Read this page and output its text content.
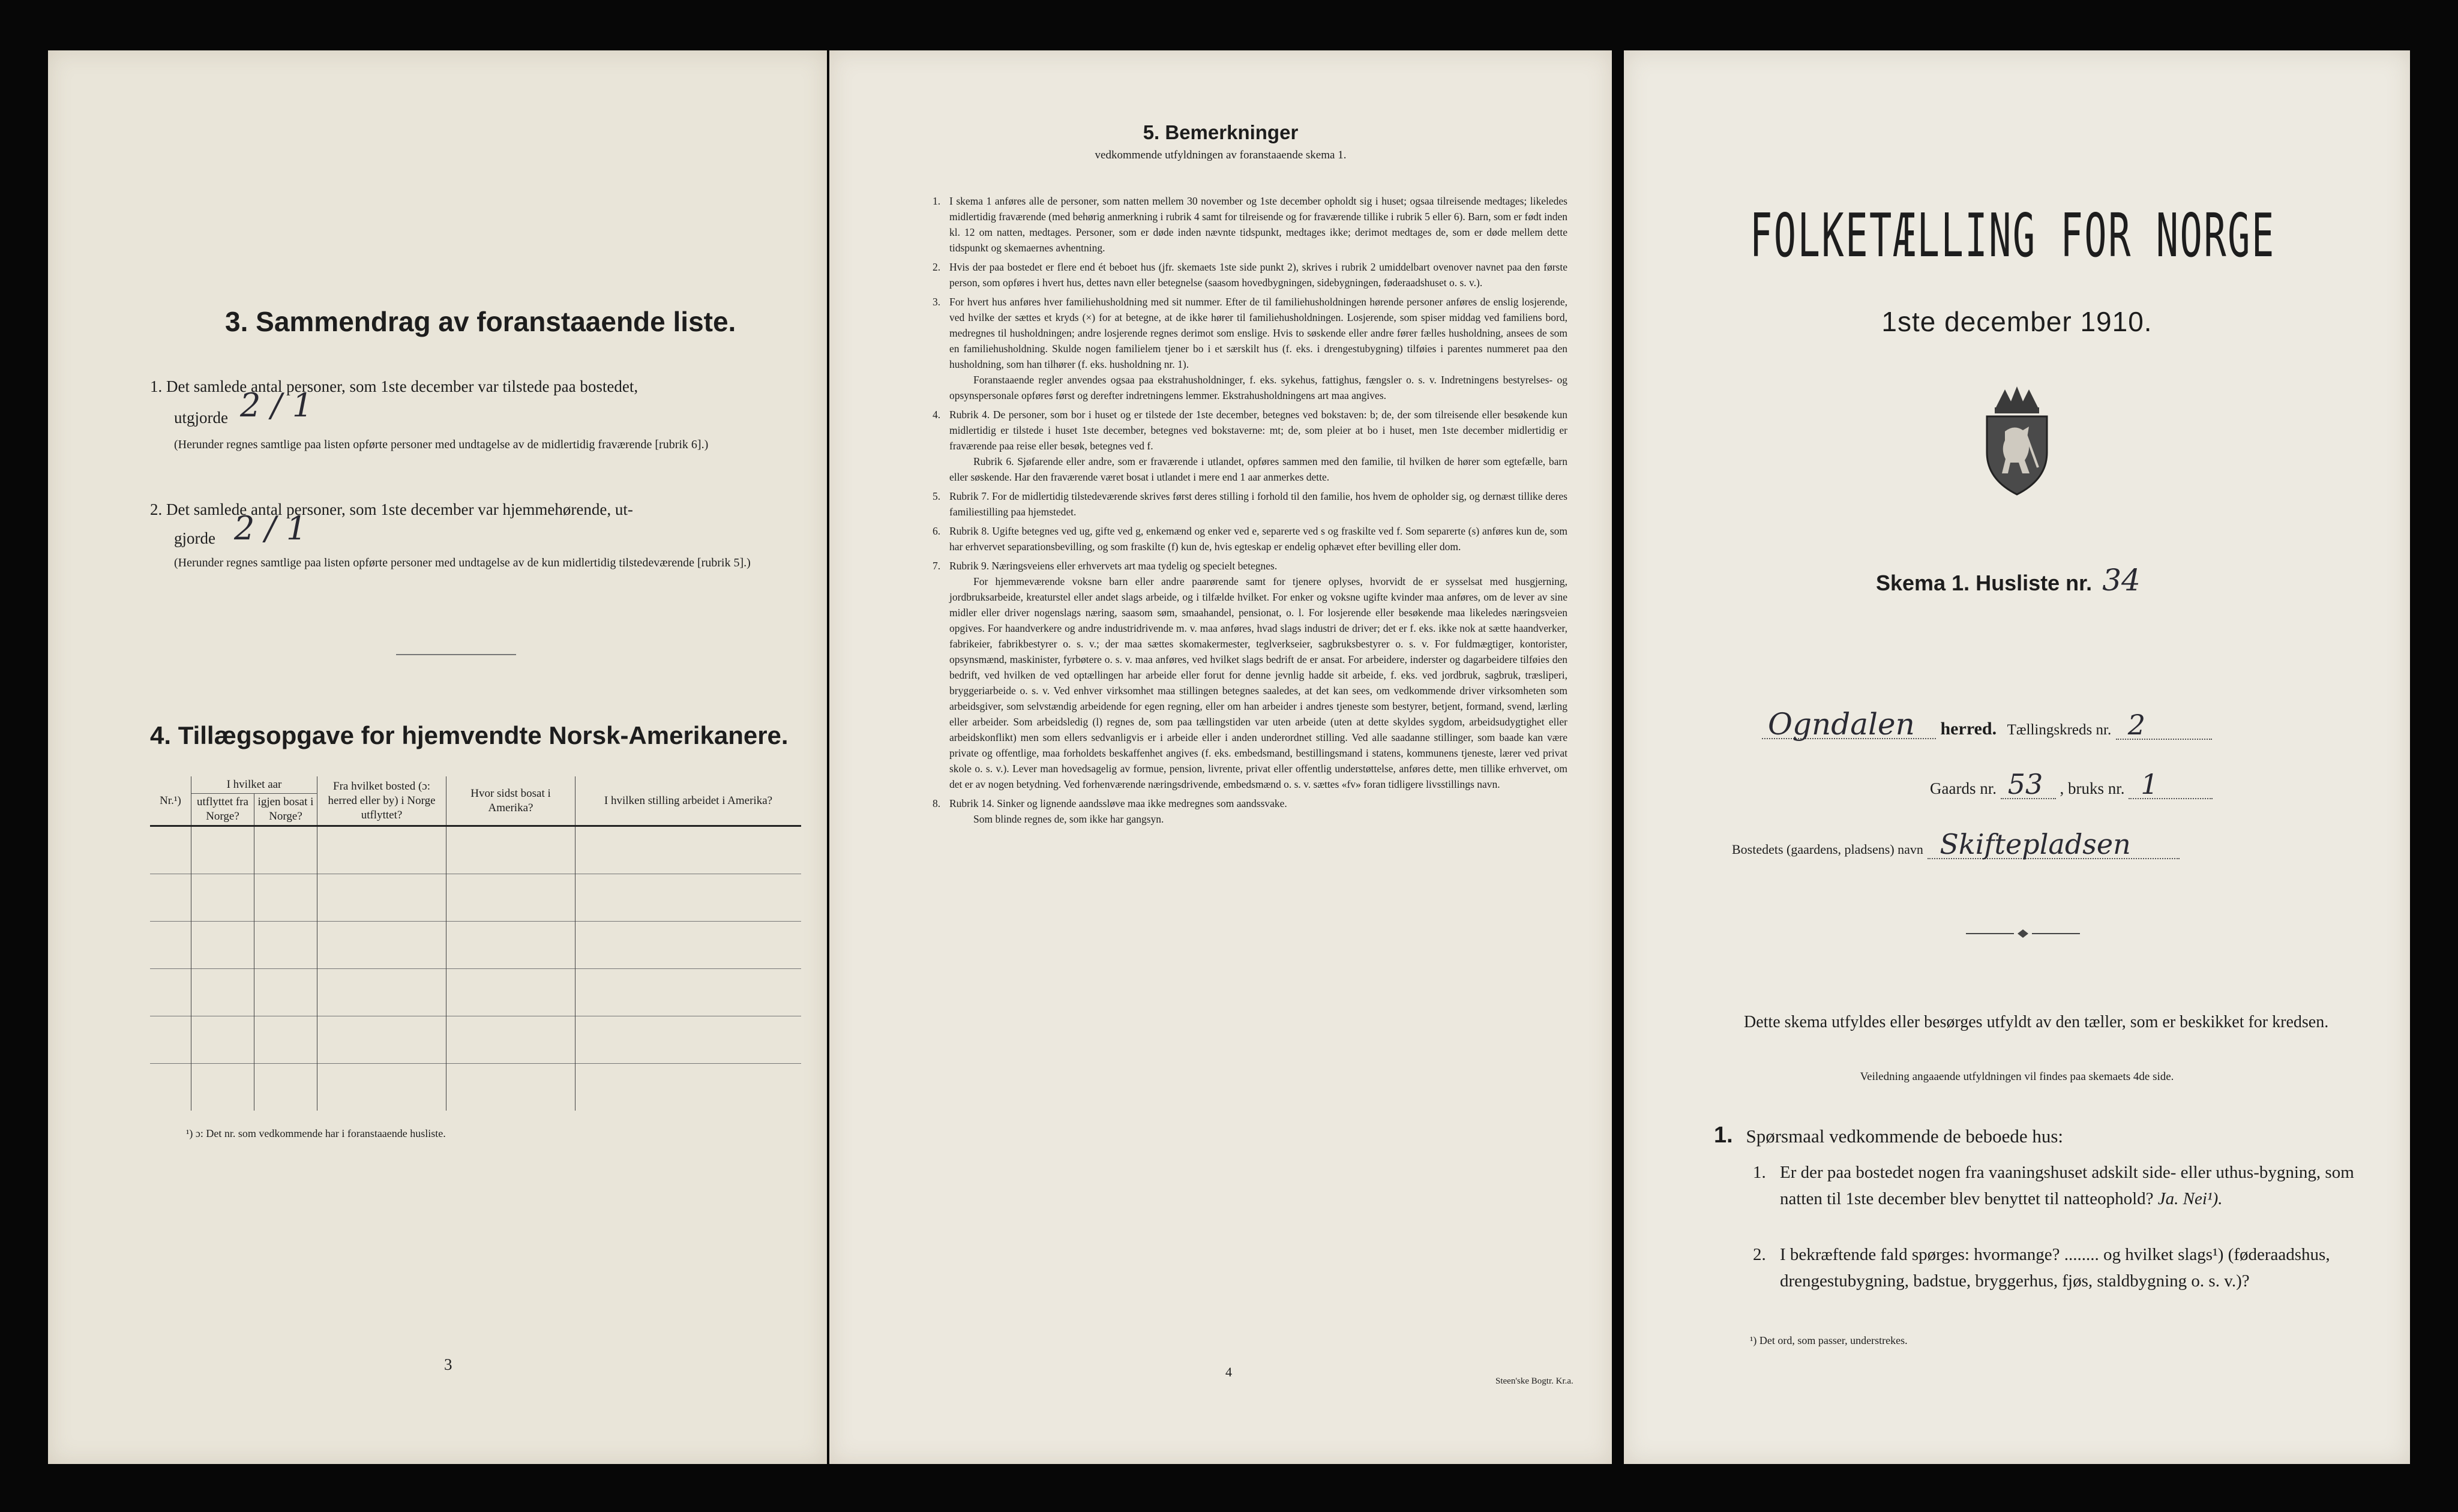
3. Sammendrag av foranstaaende liste.
1. Det samlede antal personer, som 1ste december var tilstede paa bostedet,
utgjorde 2 / 1
(Herunder regnes samtlige paa listen opførte personer med undtagelse av de midlertidig fraværende [rubrik 6].)
2. Det samlede antal personer, som 1ste december var hjemmehørende, ut-
gjorde 2 / 1
(Herunder regnes samtlige paa listen opførte personer med undtagelse av de kun midlertidig tilstedeværende [rubrik 5].)
4. Tillægsopgave for hjemvendte Norsk-Amerikanere.
Nr.¹)	I hvilket aar		Fra hvilket bosted (ɔ: herred eller by) i Norge utflyttet?	Hvor sidst bosat i Amerika?	I hvilken stilling arbeidet i Amerika?
	utflyttet fra Norge?	igjen bosat i Norge?			

¹) ɔ: Det nr. som vedkommende har i foranstaaende husliste.
3
5. Bemerkninger
vedkommende utfyldningen av foranstaaende skema 1.
1. I skema 1 anføres alle de personer, som natten mellem 30 november og 1ste december opholdt sig i huset; ogsaa tilreisende medtages; likeledes midlertidig fraværende (med behørig anmerkning i rubrik 4 samt for tilreisende og for fraværende tillike i rubrik 5 eller 6). Barn, som er født inden kl. 12 om natten, medtages. Personer, som er døde inden nævnte tidspunkt, medtages ikke; derimot medtages de, som er døde mellem dette tidspunkt og skemaernes avhentning.
2. Hvis der paa bostedet er flere end ét beboet hus (jfr. skemaets 1ste side punkt 2), skrives i rubrik 2 umiddelbart ovenover navnet paa den første person, som opføres i hvert hus, dettes navn eller betegnelse (saasom hovedbygningen, sidebygningen, føderaadshuset o. s. v.).
3. For hvert hus anføres hver familiehusholdning med sit nummer. Efter de til familiehusholdningen hørende personer anføres de enslig losjerende, ved hvilke der sættes et kryds (×) for at betegne, at de ikke hører til familiehusholdningen. Losjerende, som spiser middag ved familiens bord, medregnes til husholdningen; andre losjerende regnes derimot som enslige. Hvis to søskende eller andre fører fælles husholdning, ansees de som en familiehusholdning. Skulde nogen familielem tjener bo i et særskilt hus (f. eks. i drengestubygning) tilføies i parentes nummeret paa den husholdning, som han tilhører (f. eks. husholdning nr. 1).
Foranstaaende regler anvendes ogsaa paa ekstrahusholdninger, f. eks. sykehus, fattighus, fængsler o. s. v. Indretningens bestyrelses- og opsynspersonale opføres først og derefter indretningens lemmer. Ekstrahusholdningens art maa angives.
4. Rubrik 4. De personer, som bor i huset og er tilstede der 1ste december, betegnes ved bokstaven: b; de, der som tilreisende eller besøkende kun midlertidig er tilstede i huset 1ste december, betegnes ved bokstaverne: mt; de, som pleier at bo i huset, men 1ste december midlertidig er fraværende paa reise eller besøk, betegnes ved f.
Rubrik 6. Sjøfarende eller andre, som er fraværende i utlandet, opføres sammen med den familie, til hvilken de hører som egtefælle, barn eller søskende. Har den fraværende været bosat i utlandet i mere end 1 aar anmerkes dette.
5. Rubrik 7. For de midlertidig tilstedeværende skrives først deres stilling i forhold til den familie, hos hvem de opholder sig, og dernæst tillike deres familiestilling paa hjemstedet.
6. Rubrik 8. Ugifte betegnes ved ug, gifte ved g, enkemænd og enker ved e, separerte ved s og fraskilte ved f. Som separerte (s) anføres kun de, som har erhvervet separationsbevilling, og som fraskilte (f) kun de, hvis egteskap er endelig ophævet efter bevilling eller dom.
7. Rubrik 9. Næringsveiens eller erhvervets art maa tydelig og specielt betegnes.
For hjemmeværende voksne barn eller andre paarørende samt for tjenere oplyses, hvorvidt de er sysselsat med husgjerning, jordbruksarbeide, kreaturstel eller andet slags arbeide, og i tilfælde hvilket. For enker og voksne ugifte kvinder maa anføres, om de lever av sine midler eller driver nogenslags næring, saasom søm, smaahandel, pensionat, o. l. For losjerende eller besøkende maa likeledes næringsveien opgives. For haandverkere og andre industridrivende m. v. maa anføres, hvad slags industri de driver; det er f. eks. ikke nok at sætte haandverker, fabrikeier, fabrikbestyrer o. s. v.; der maa sættes skomakermester, teglverkseier, sagbruksbestyrer o. s. v. For fuldmægtiger, kontorister, opsynsmænd, maskinister, fyrbøtere o. s. v. maa anføres, ved hvilket slags bedrift de er ansat. For arbeidere, inderster og dagarbeidere tilføies den bedrift, ved hvilken de ved optællingen har arbeide eller forut for denne jevnlig hadde sit arbeide, f. eks. ved jordbruk, sagbruk, træsliperi, bryggeriarbeide o. s. v. Ved enhver virksomhet maa stillingen betegnes saaledes, at det kan sees, om vedkommende driver virksomheten som arbeidsgiver, som selvstændig arbeidende for egen regning, eller om han arbeider i andres tjeneste som bestyrer, betjent, formand, svend, lærling eller arbeider. Som arbeidsledig (l) regnes de, som paa tællingstiden var uten arbeide (uten at dette skyldes sygdom, arbeidsudygtighet eller arbeidskonflikt) men som ellers sedvanligvis er i arbeide eller i anden underordnet stilling. Ved alle saadanne stillinger, som baade kan være private og offentlige, maa forholdets beskaffenhet angives (f. eks. embedsmand, bestillingsmand i statens, kommunens tjeneste, lærer ved privat skole o. s. v.). Lever man hovedsagelig av formue, pension, livrente, privat eller offentlig understøttelse, anføres dette, men tillike erhvervet, om det er av nogen betydning. Ved forhenværende næringsdrivende, embedsmænd o. s. v. sættes «fv» foran tidligere livsstillings navn.
8. Rubrik 14. Sinker og lignende aandssløve maa ikke medregnes som aandssvake.
Som blinde regnes de, som ikke har gangsyn.
4
Steen'ske Bogtr. Kr.a.
FOLKETÆLLING FOR NORGE
1ste december 1910.
Skema 1. Husliste nr. 34
Ogndalen herred. Tællingskreds nr. 2
Gaards nr. 53 , bruks nr. 1
Bostedets (gaardens, pladsens) navn Skiftepladsen
Dette skema utfyldes eller besørges utfyldt av den tæller, som er beskikket for kredsen.
Veiledning angaaende utfyldningen vil findes paa skemaets 4de side.
1. Spørsmaal vedkommende de beboede hus:
1. Er der paa bostedet nogen fra vaaningshuset adskilt side- eller uthus-bygning, som natten til 1ste december blev benyttet til natteophold? Ja. Nei¹).
2. I bekræftende fald spørges: hvormange? ........ og hvilket slags¹) (føderaadshus, drengestubygning, badstue, bryggerhus, fjøs, staldbygning o. s. v.)?
¹) Det ord, som passer, understrekes.
